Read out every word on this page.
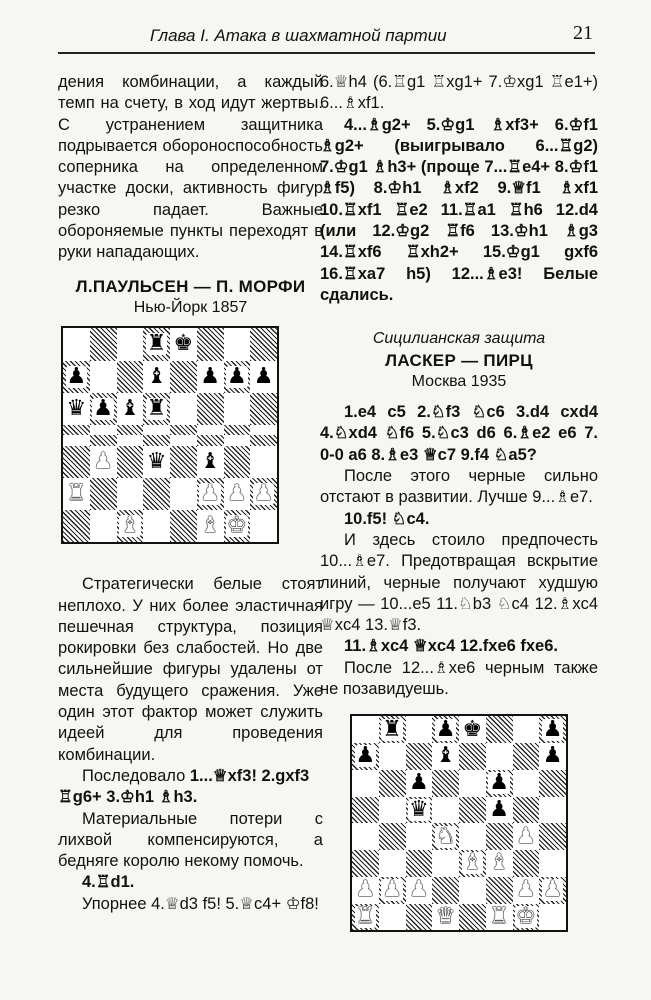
Глава I. Атака в шахматной партии	21

дения комбинации, а каждый темп на счету, в ход идут жертвы. С устранением защитника подрывается обороноспособность соперника на определенном участке доски, активность фигур резко падает. Важные обороняемые пункты переходят в руки нападающих.

Л.ПАУЛЬСЕН — П. МОРФИ
Нью-Йорк 1857
♜ ♚
♟	♝ ♟ ♟ ♟
♛ ♟ ♝ ♜
♟ ♛ ♝
♜	♟ ♟ ♟
♝	♝ ♚

Стратегически белые стоят неплохо. У них более эластичная пешечная структура, позиция рокировки без слабостей. Но две сильнейшие фигуры удалены от места будущего сражения. Уже один этот фактор может служить идеей для проведения комбинации.

Последовало 1...♕xf3! 2.gxf3 ♖g6+ 3.♔h1 ♗h3.

Материальные потери с лихвой компенсируются, а бедняге королю некому помочь.

4.♖d1.

Упорнее 4.♕d3 f5! 5.♕c4+ ♔f8!

6.♕h4 (6.♖g1 ♖xg1+ 7.♔xg1 ♖e1+) 6...♗xf1.

4...♗g2+ 5.♔g1 ♗xf3+ 6.♔f1 ♗g2+ (выигрывало 6...♖g2) 7.♔g1 ♗h3+ (проще 7...♖e4+ 8.♔f1 ♗f5) 8.♔h1 ♗xf2 9.♕f1 ♗xf1 10.♖xf1 ♖e2 11.♖a1 ♖h6 12.d4 (или 12.♔g2 ♖f6 13.♔h1 ♗g3 14.♖xf6 ♖xh2+ 15.♔g1 gxf6 16.♖xa7 h5) 12...♗e3! Белые сдались.

Сицилианская защита
ЛАСКЕР — ПИРЦ
Москва 1935

1.e4 c5 2.♘f3 ♘c6 3.d4 cxd4 4.♘xd4 ♘f6 5.♘c3 d6 6.♗e2 e6 7. 0-0 a6 8.♗e3 ♕c7 9.f4 ♘a5?

После этого черные сильно отстают в развитии. Лучше 9...♗e7.

10.f5! ♘c4.

И здесь стоило предпочесть 10...♗e7. Предотвращая вскрытие линий, черные получают худшую игру — 10...e5 11.♘b3 ♘c4 12.♗xc4 ♕xc4 13.♕f3.

11.♗xc4 ♕xc4 12.fxe6 fxe6.

После 12...♗xe6 черным также не позавидуешь.

♜ ♟ ♚	♟
♟	♝	♟
♟	♟
♛	♟
♞	♟
♝ ♝
♟ ♟ ♟	♟ ♟
♜	♛ ♜ ♚
